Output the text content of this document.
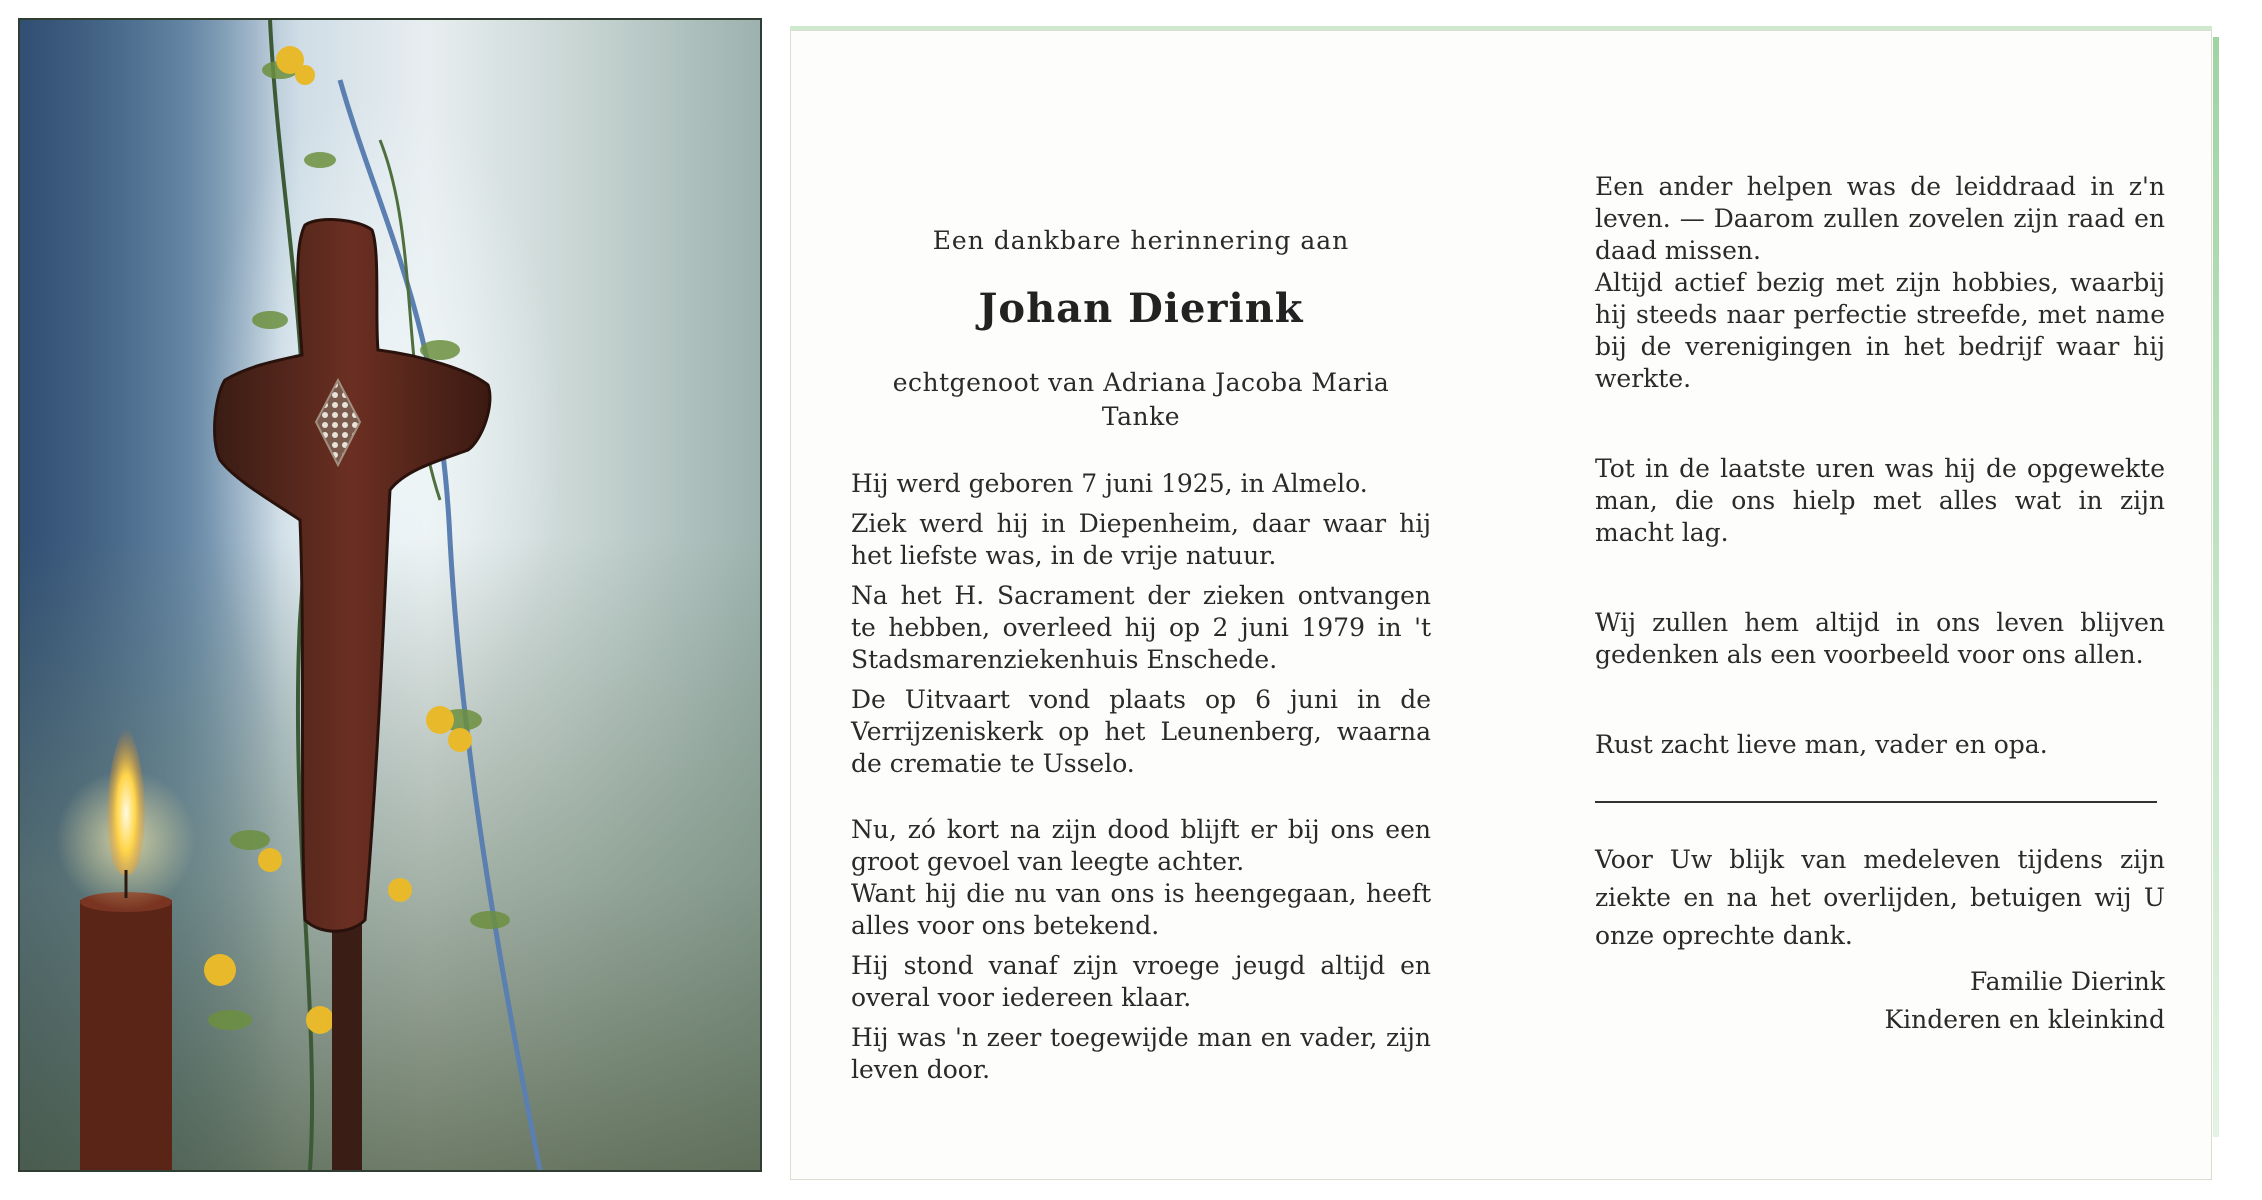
Een dankbare herinnering aan

Johan Dierink

echtgenoot van Adriana Jacoba Maria

Tanke

Hij werd geboren 7 juni 1925, in Almelo.

Ziek werd hij in Diepenheim, daar waar hij het liefste was, in de vrije natuur.

Na het H. Sacrament der zieken ontvangen te hebben, overleed hij op 2 juni 1979 in 't Stadsmarenziekenhuis Enschede.

De Uitvaart vond plaats op 6 juni in de Verrijzeniskerk op het Leunenberg, waarna de crematie te Usselo.

Nu, zó kort na zijn dood blijft er bij ons een groot gevoel van leegte achter.

Want hij die nu van ons is heengegaan, heeft alles voor ons betekend.

Hij stond vanaf zijn vroege jeugd altijd en overal voor iedereen klaar.

Hij was 'n zeer toegewijde man en vader, zijn leven door.

Een ander helpen was de leiddraad in z'n leven. — Daarom zullen zovelen zijn raad en daad missen.

Altijd actief bezig met zijn hobbies, waarbij hij steeds naar perfectie streefde, met name bij de verenigingen in het bedrijf waar hij werkte.

Tot in de laatste uren was hij de opgewekte man, die ons hielp met alles wat in zijn macht lag.

Wij zullen hem altijd in ons leven blijven gedenken als een voorbeeld voor ons allen.

Rust zacht lieve man, vader en opa.

Voor Uw blijk van medeleven tijdens zijn ziekte en na het overlijden, betuigen wij U onze oprechte dank.

Familie Dierink

Kinderen en kleinkind
